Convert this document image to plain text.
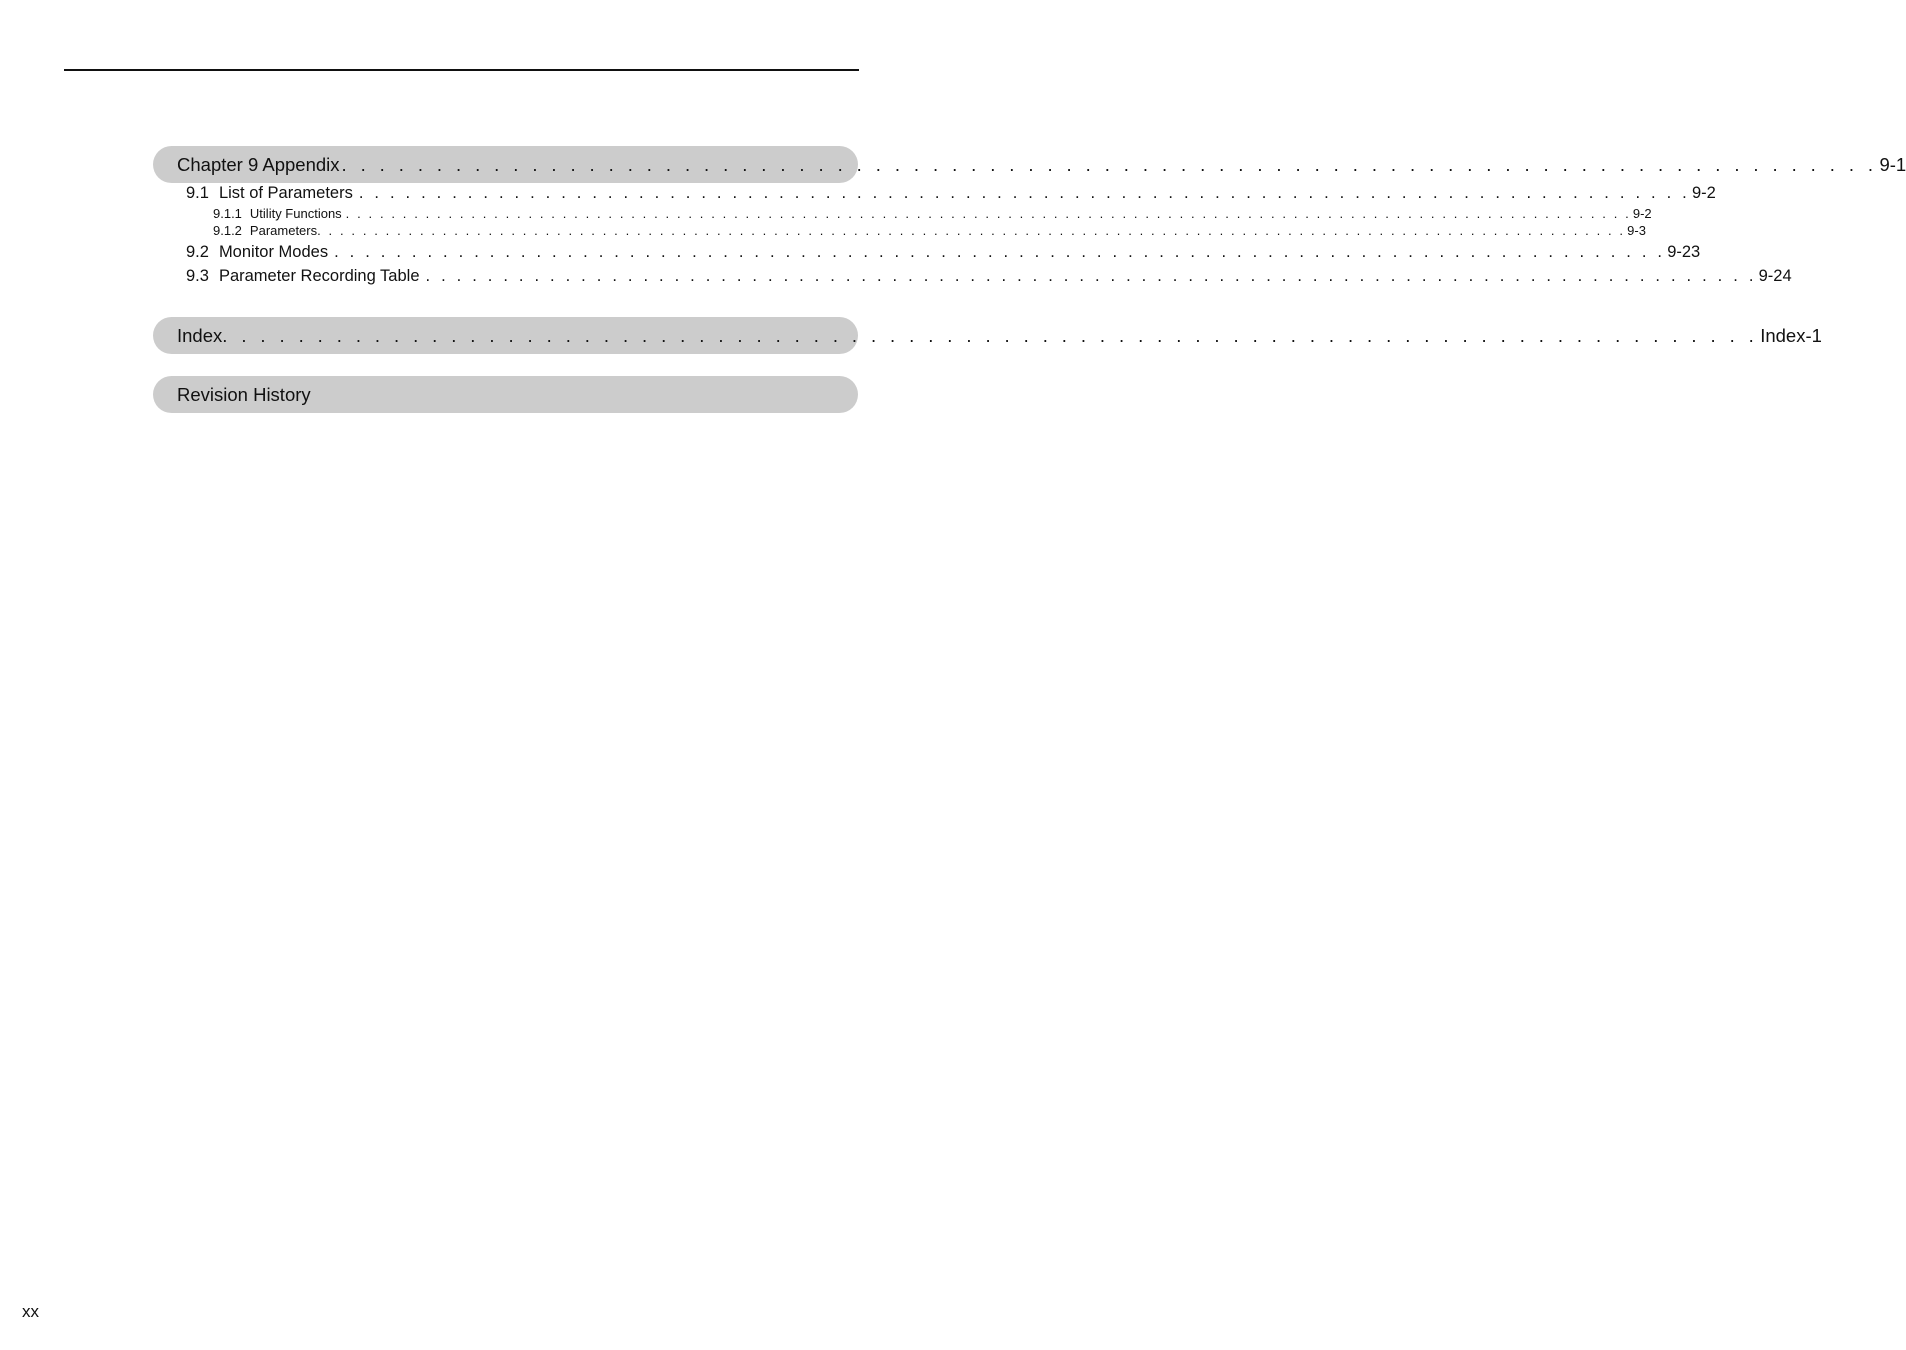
Chapter 9 Appendix . . . . . . . . . . . . . . . . . . . . . . . . . . . . . . . . . . . . . . . . . . . . . . . . . . . . . . . . . . . . . . . . . . . . . . . . . . . . . . . . . 9-1
9.1 List of Parameters . . . . . . . . . . . . . . . . . . . . . . . . . . . . . . . . . . . . . . . . . . . . . . . . . . . . . . . . . . . . . . . . . . . . . . . . . . . . . . . . . . . . . . 9-2
9.1.1 Utility Functions . . . . . . . . . . . . . . . . . . . . . . . . . . . . . . . . . . . . . . . . . . . . . . . . . . . . . . . . . . . . . . . . . . . . . . . . . . . . . . . . . . . . . . . . . . . . . . . . . . . . . . . . . . . . . . . . . 9-2
9.1.2 Parameters . . . . . . . . . . . . . . . . . . . . . . . . . . . . . . . . . . . . . . . . . . . . . . . . . . . . . . . . . . . . . . . . . . . . . . . . . . . . . . . . . . . . . . . . . . . . . . . . . . . . . . . . . . . . . . . . . . . 9-3
9.2 Monitor Modes . . . . . . . . . . . . . . . . . . . . . . . . . . . . . . . . . . . . . . . . . . . . . . . . . . . . . . . . . . . . . . . . . . . . . . . . . . . . . . . . . . . . . . 9-23
9.3 Parameter Recording Table . . . . . . . . . . . . . . . . . . . . . . . . . . . . . . . . . . . . . . . . . . . . . . . . . . . . . . . . . . . . . . . . . . . . . . . . . . . . . . . . . . . . . . 9-24
Index . . . . . . . . . . . . . . . . . . . . . . . . . . . . . . . . . . . . . . . . . . . . . . . . . . . . . . . . . . . . . . . . . . . . . . . . . . . . . . . . . Index-1
Revision History
xx
